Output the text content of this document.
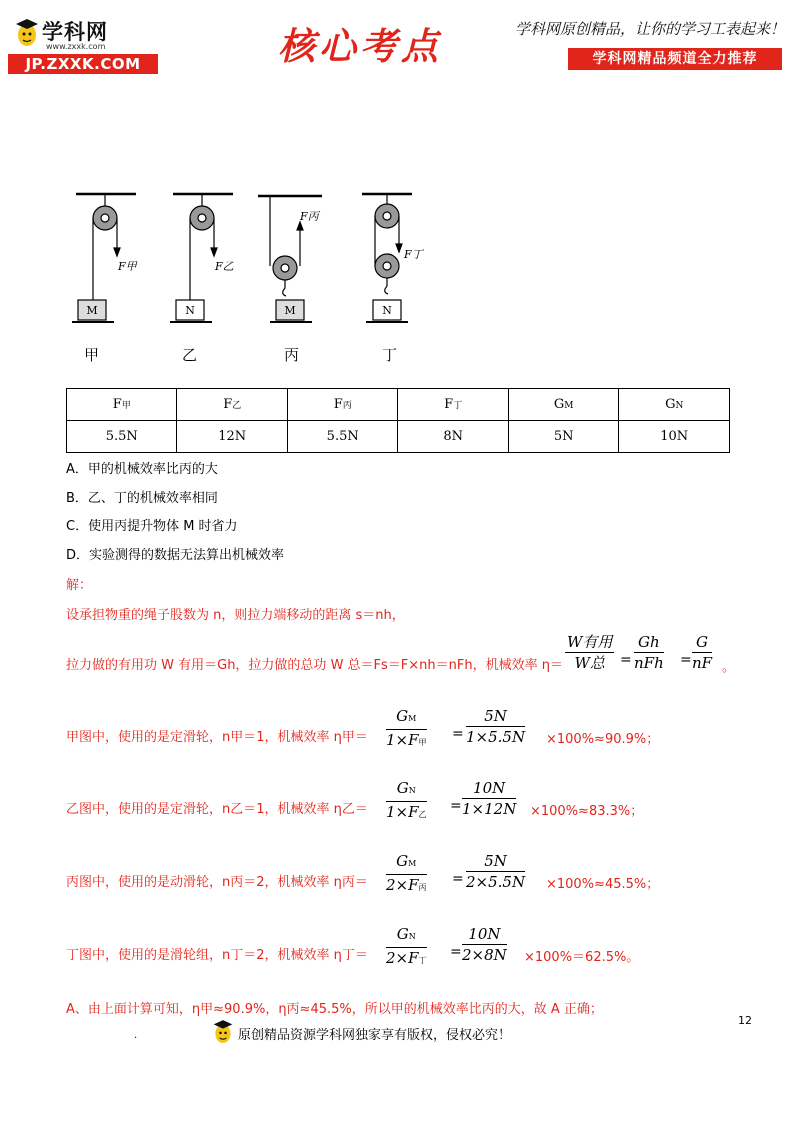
学科网
www.zxxk.com
JP.ZXXK.COM	核心考点	学科网原创精品，让你的学习工表起来！
学科网精品频道全力推荐
F甲	F乙
F丙
F丁
M	N	M	N
甲	乙	丙	丁
F甲	F乙	F丙	F丁	GM	GN
5.5N	12N	5.5N	8N	5N	10N
A．甲的机械效率比丙的大
B．乙、丁的机械效率相同
C．使用丙提升物体 M 时省力
D．实验测得的数据无法算出机械效率
解：
设承担物重的绳子股数为 n，则拉力端移动的距离 s＝nh，
拉力做的有用功 W 有用＝Gh，拉力做的总功 W 总＝Fs＝F×nh＝nFh，机械效率 η＝
W有用
W总	=
Gh
nFh = $\frac{G}{nF}$ 。
甲图中，使用的是定滑轮，n甲＝1，机械效率 η甲＝
GM
1×F甲
= $\frac{5N}{1\times 5.5N} \times 100\%\approx 90.9\%$；
乙图中，使用的是定滑轮，n乙＝1，机械效率 η乙＝
GN
1×F乙
= $\frac{10N}{1\times 12N} \times 100\%\approx 83.3\%$；
丙图中，使用的是动滑轮，n丙＝2，机械效率 η丙＝
GM
2×F丙
= $\frac{5N}{2\times 5.5N} \times 100\%\approx 45.5\%$；
丁图中，使用的是滑轮组，n丁＝2，机械效率 η丁＝
GN
2×F丁
= $\frac{10N}{2\times 8N} \times 100\%=62.5\%$。
A、由上面计算可知，η甲≈90.9%，η丙≈45.5%，所以甲的机械效率比丙的大，故 A 正确；
12
.	原创精品资源学科网独家享有版权，侵权必究！
